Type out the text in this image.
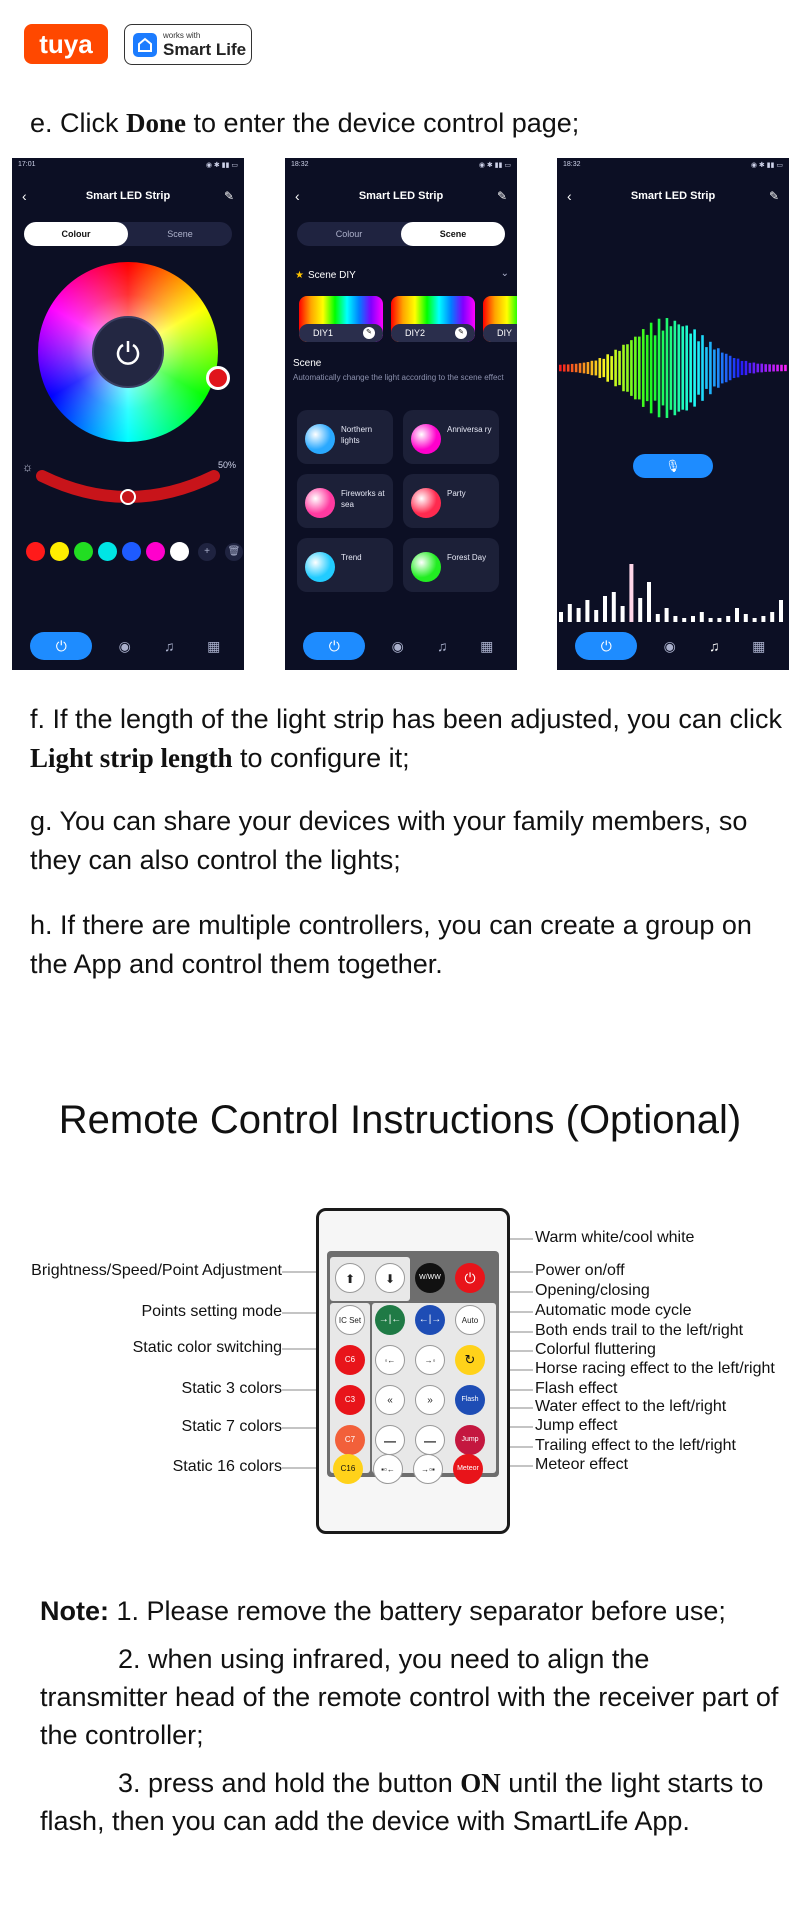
tuya	works with
Smart Life
e. Click Done to enter the device control page;
17:01	◉ ✱ ▮▮ ▭
‹	Smart LED Strip	✎
Colour	Scene
☼	50%
+	🗑
⏻	◉	♫	▦
18:32	◉ ✱ ▮▮ ▭
‹	Smart LED Strip	✎
Colour	Scene
★ Scene DIY	⌄
DIY1	✎	DIY2	✎	DIY
Scene
Automatically change the light according to the scene effect
Northern lights
Anniversa ry
Fireworks at sea
Party
Trend	Forest Day
⏻	◉	♫	▦
18:32	◉ ✱ ▮▮ ▭
‹	Smart LED Strip	✎
🎙
⏻	◉	♫	▦
f. If the length of the light strip has been adjusted, you can click Light strip length to configure it;
g. You can share your devices with your family members, so they can also control the lights;
h. If there are multiple controllers, you can create a group on the App and control them together.
Remote Control Instructions (Optional)
⬆	⬇	W/WW	⏻
IC Set	→|←	←|→	Auto
C6	◦←	→◦	↻
C3	«	»	Flash
C7	—	—	Jump
C16	▪▫←	→▫▪	Meteor
Brightness/Speed/Point Adjustment
Points setting mode
Static color switching
Static 3 colors
Static 7 colors
Static 16 colors
Warm white/cool white
Power on/off
Opening/closing
Automatic mode cycle
Both ends trail to the left/right
Colorful fluttering
Horse racing effect to the left/right
Flash effect
Water effect to the left/right
Jump effect
Trailing effect to the left/right
Meteor effect
Note: 1. Please remove the battery separator before use;
2. when using infrared, you need to align the transmitter head of the remote control with the receiver part of the controller;
3. press and hold the button ON until the light starts to flash, then you can add the device with SmartLife App.
